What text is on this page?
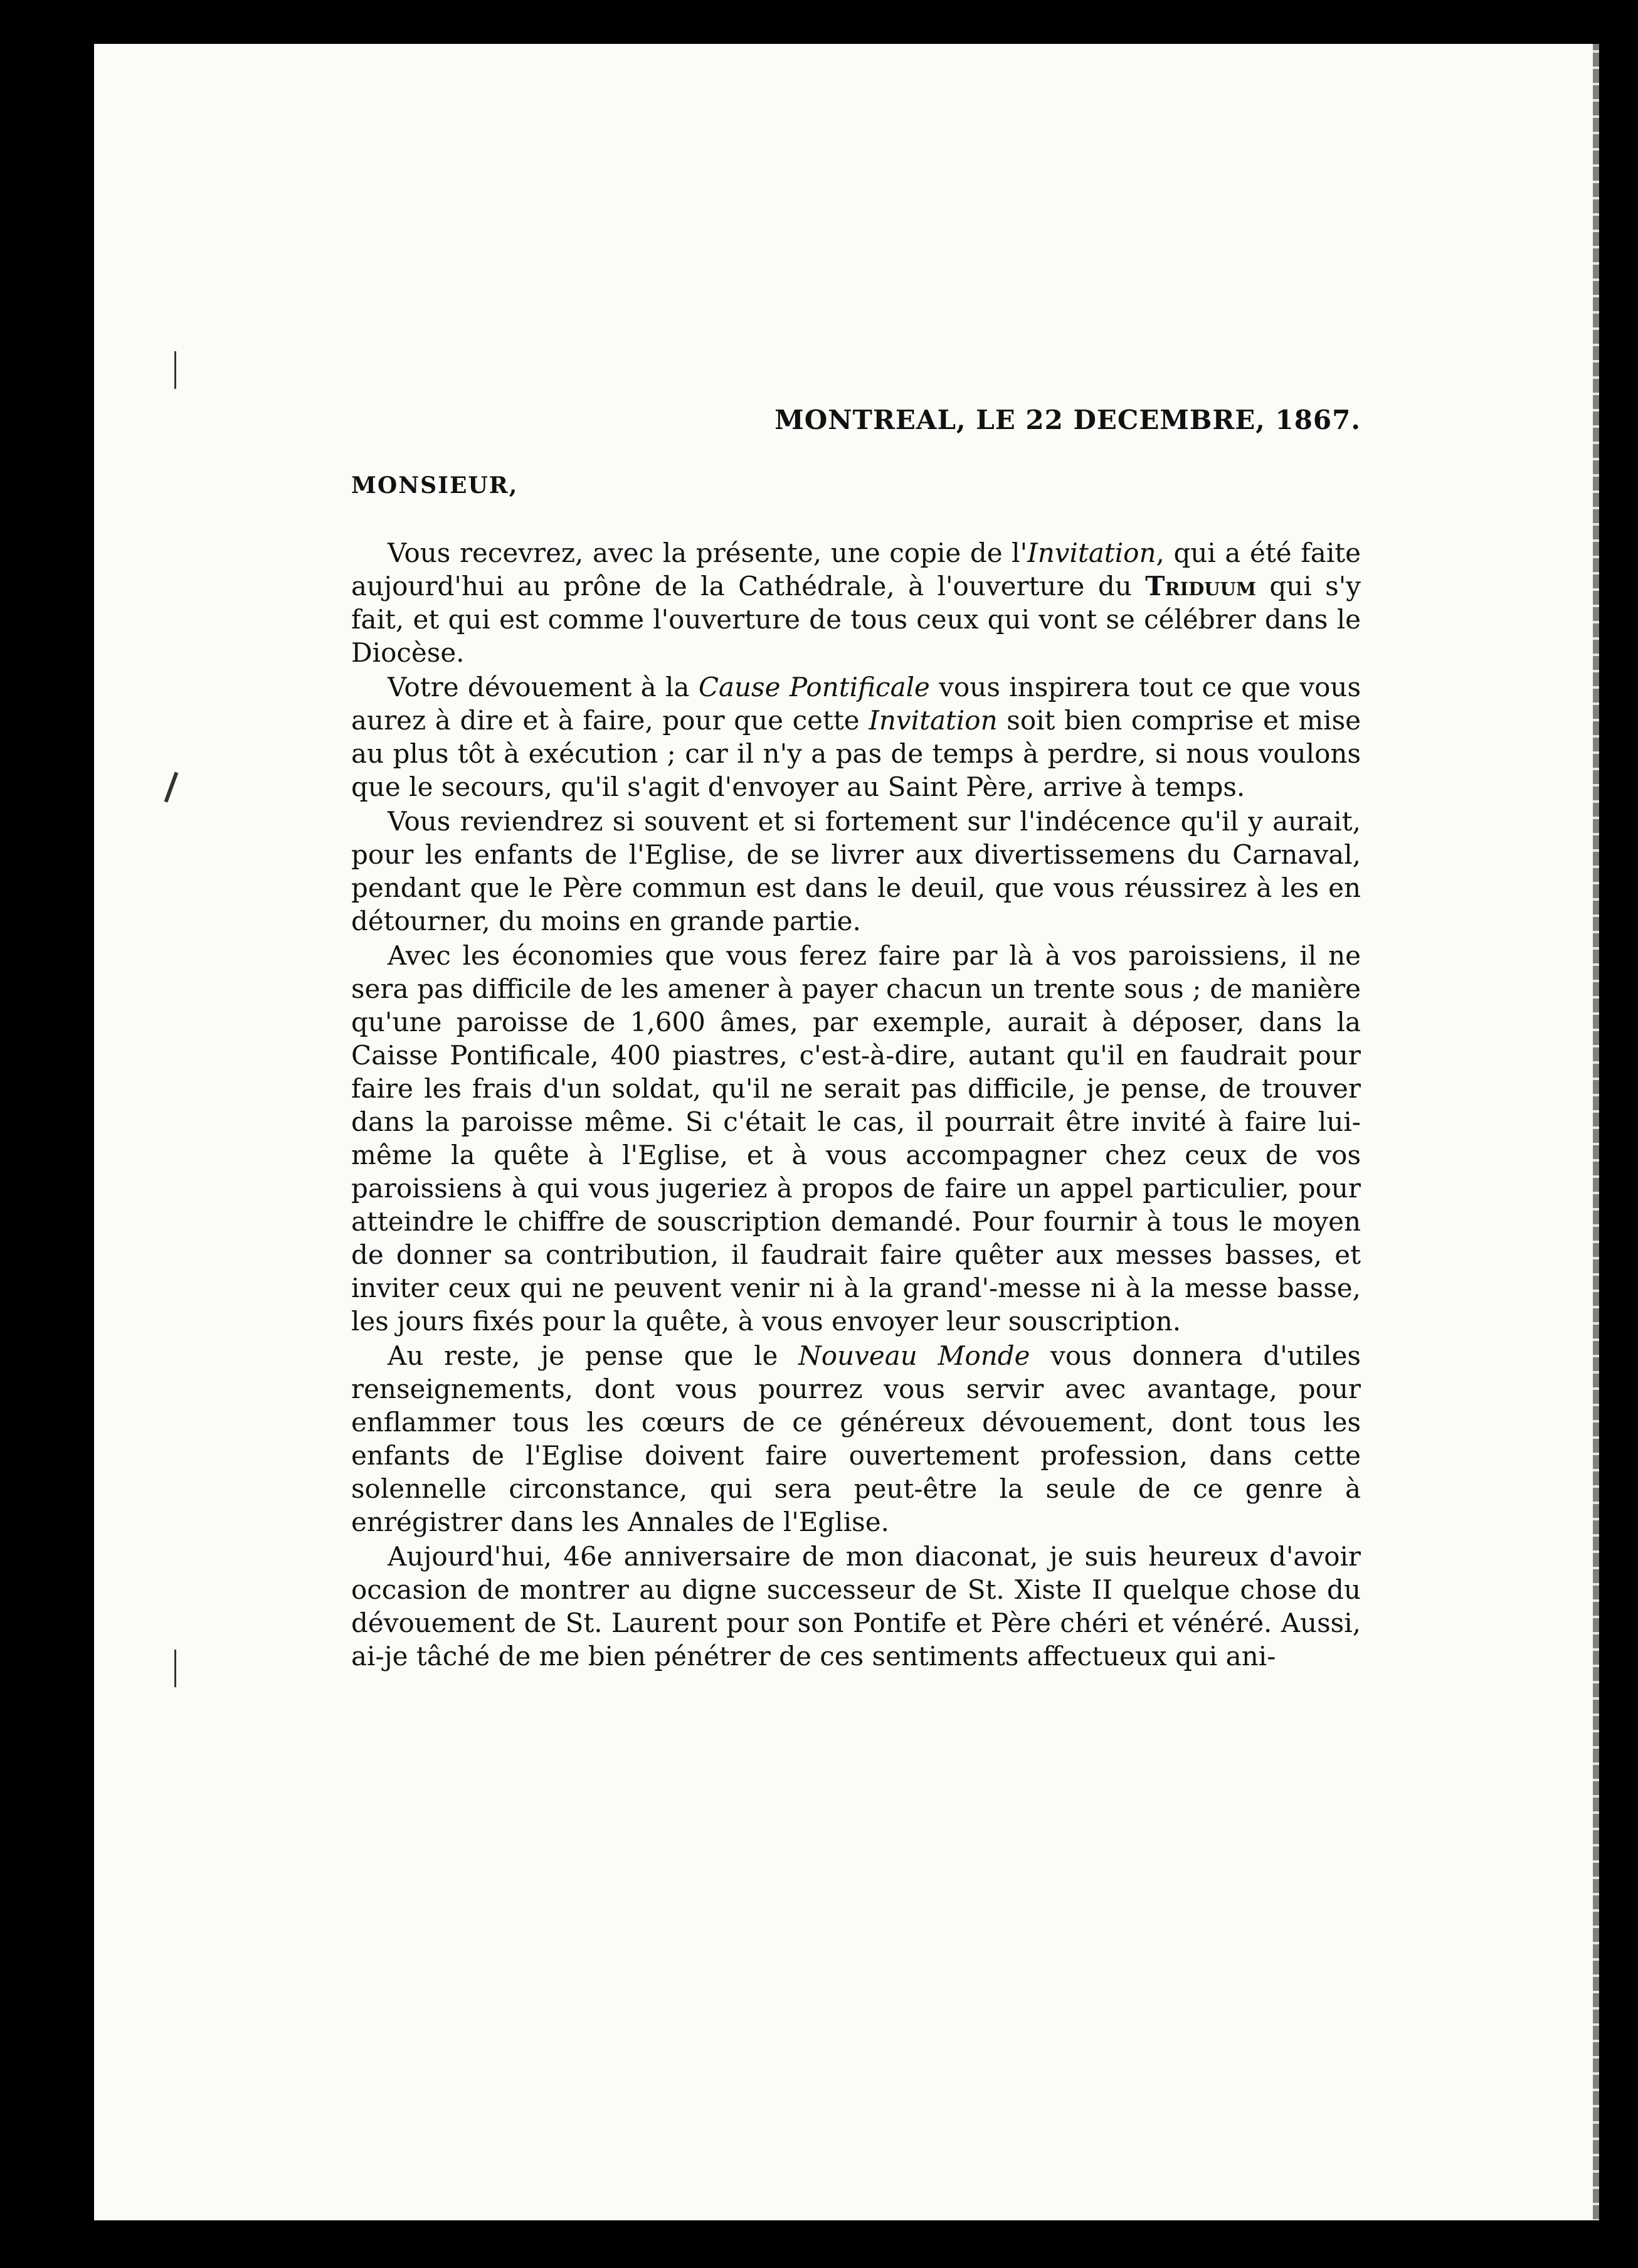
MONTREAL, LE 22 DECEMBRE, 1867.

MONSIEUR,

Vous recevrez, avec la présente, une copie de l'Invitation, qui a été faite aujourd'hui au prône de la Cathédrale, à l'ouverture du Triduum qui s'y fait, et qui est comme l'ouverture de tous ceux qui vont se célébrer dans le Diocèse.

Votre dévouement à la Cause Pontificale vous inspirera tout ce que vous aurez à dire et à faire, pour que cette Invitation soit bien comprise et mise au plus tôt à exécution ; car il n'y a pas de temps à perdre, si nous voulons que le secours, qu'il s'agit d'envoyer au Saint Père, arrive à temps.

Vous reviendrez si souvent et si fortement sur l'indécence qu'il y aurait, pour les enfants de l'Eglise, de se livrer aux divertissemens du Carnaval, pendant que le Père commun est dans le deuil, que vous réussirez à les en détourner, du moins en grande partie.

Avec les économies que vous ferez faire par là à vos paroissiens, il ne sera pas difficile de les amener à payer chacun un trente sous ; de manière qu'une paroisse de 1,600 âmes, par exemple, aurait à déposer, dans la Caisse Pontificale, 400 piastres, c'est-à-dire, autant qu'il en faudrait pour faire les frais d'un soldat, qu'il ne serait pas difficile, je pense, de trouver dans la paroisse même. Si c'était le cas, il pourrait être invité à faire lui-même la quête à l'Eglise, et à vous accompagner chez ceux de vos paroissiens à qui vous jugeriez à propos de faire un appel particulier, pour atteindre le chiffre de souscription demandé. Pour fournir à tous le moyen de donner sa contribution, il faudrait faire quêter aux messes basses, et inviter ceux qui ne peuvent venir ni à la grand'-messe ni à la messe basse, les jours fixés pour la quête, à vous envoyer leur souscription.

Au reste, je pense que le Nouveau Monde vous donnera d'utiles renseignements, dont vous pourrez vous servir avec avantage, pour enflammer tous les cœurs de ce généreux dévouement, dont tous les enfants de l'Eglise doivent faire ouvertement profession, dans cette solennelle circonstance, qui sera peut-être la seule de ce genre à enrégistrer dans les Annales de l'Eglise.

Aujourd'hui, 46e anniversaire de mon diaconat, je suis heureux d'avoir occasion de montrer au digne successeur de St. Xiste II quelque chose du dévouement de St. Laurent pour son Pontife et Père chéri et vénéré. Aussi, ai-je tâché de me bien pénétrer de ces sentiments affectueux qui ani-
